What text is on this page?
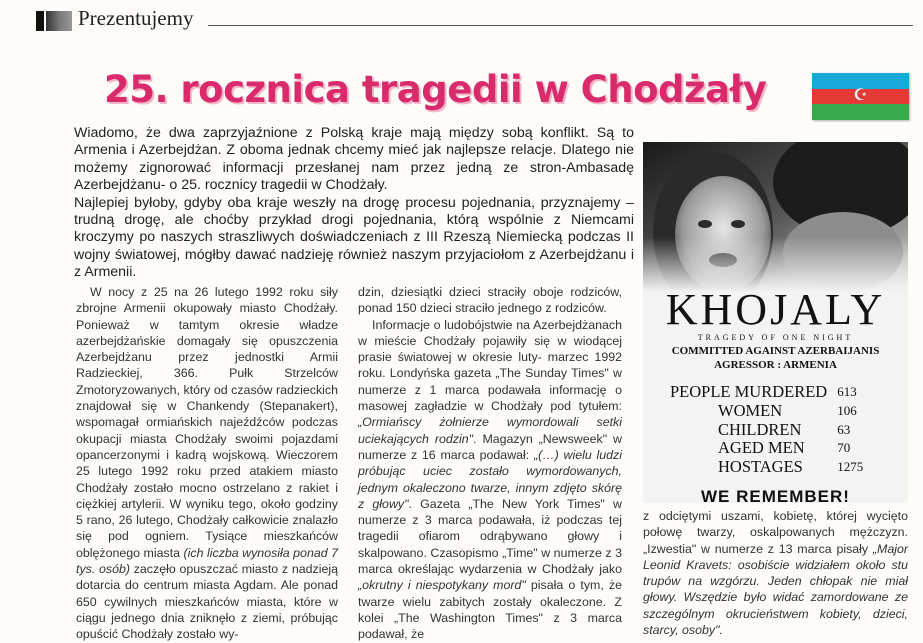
Prezentujemy
25. rocznica tragedii w Chodżały	☪

Wiadomo, że dwa zaprzyjaźnione z Polską kraje mają między sobą konflikt. Są to Armenia i Azerbejdżan. Z oboma jednak chcemy mieć jak najlepsze relacje. Dlatego nie możemy zignorować informacji przesłanej nam przez jedną ze stron-Ambasadę Azerbejdżanu- o 25. rocznicy tragedii w Chodżały.

Najlepiej byłoby, gdyby oba kraje weszły na drogę procesu pojednania, przyznajemy – trudną drogę, ale choćby przykład drogi pojednania, którą wspólnie z Niemcami kroczymy po naszych straszliwych doświadczeniach z III Rzeszą Niemiecką podczas II wojny światowej, mógłby dawać nadzieję również naszym przyjaciołom z Azerbejdżanu i z Armenii.

W nocy z 25 na 26 lutego 1992 roku siły zbrojne Armenii okupowały miasto Chodżały. Ponieważ w tamtym okresie władze azerbejdżańskie domagały się opuszczenia Azerbejdżanu przez jednostki Armii Radzieckiej, 366. Pułk Strzelców Zmotoryzowanych, który od czasów radzieckich znajdował się w Chankendy (Stepanakert), wspomagał ormiańskich najeźdźców podczas okupacji miasta Chodżały swoimi pojazdami opancerzonymi i kadrą wojskową. Wieczorem 25 lutego 1992 roku przed atakiem miasto Chodżały zostało mocno ostrzelano z rakiet i ciężkiej artylerii. W wyniku tego, około godziny 5 rano, 26 lutego, Chodżały całkowicie znalazło się pod ogniem. Tysiące mieszkańców oblężonego miasta (ich liczba wynosiła ponad 7 tys. osób) zaczęło opuszczać miasto z nadzieją dotarcia do centrum miasta Agdam. Ale ponad 650 cywilnych mieszkańców miasta, które w ciągu jednego dnia zniknęło z ziemi, próbując opuścić Chodżały zostało wy-

dzin, dziesiątki dzieci straciły oboje rodziców, ponad 150 dzieci straciło jednego z rodziców.

Informacje o ludobójstwie na Azerbejdżanach w mieście Chodżały pojawiły się w wiodącej prasie światowej w okresie luty- marzec 1992 roku. Londyńska gazeta „The Sunday Times" w numerze z 1 marca podawała informację o masowej zagładzie w Chodżały pod tytułem: „Ormiańscy żołnierze wymordowali setki uciekających rodzin". Magazyn „Newsweek" w numerze z 16 marca podawał: „(…) wielu ludzi próbując uciec zostało wymordowanych, jednym okaleczono twarze, innym zdjęto skórę z głowy". Gazeta „The New York Times" w numerze z 3 marca podawała, iż podczas tej tragedii ofiarom odrąbywano głowy i skalpowano. Czasopismo „Time" w numerze z 3 marca określając wydarzenia w Chodżały jako „okrutny i niespotykany mord" pisała o tym, że twarze wielu zabitych zostały okaleczone. Z kolei „The Washington Times" z 3 marca podawał, że

KHOJALY
TRAGEDY OF ONE NIGHT
COMMITTED AGAINST AZERBAIJANIS
AGRESSOR : ARMENIA
PEOPLE MURDERED	613
WOMEN	106
CHILDREN	63
AGED MEN	70
HOSTAGES	1275
WE REMEMBER!

z odciętymi uszami, kobietę, której wycięto połowę twarzy, oskalpowanych mężczyzn. „Izwestia" w numerze z 13 marca pisały „Major Leonid Kravets: osobiście widziałem około stu trupów na wzgórzu. Jeden chłopak nie miał głowy. Wszędzie było widać zamordowane ze szczególnym okrucieństwem kobiety, dzieci, starcy, osoby".
